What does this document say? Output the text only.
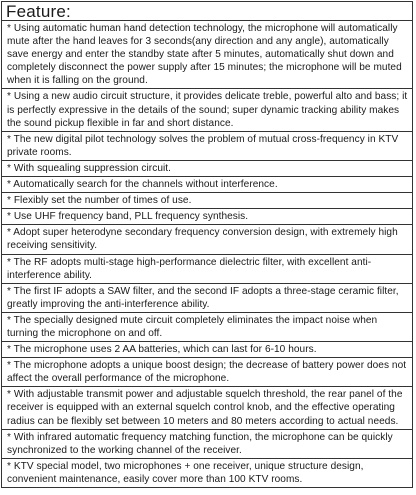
Feature:
* Using automatic human hand detection technology, the microphone will automatically mute after the hand leaves for 3 seconds(any direction and any angle), automatically save energy and enter the standby state after 5 minutes, automatically shut down and completely disconnect the power supply after 15 minutes; the microphone will be muted when it is falling on the ground.
* Using a new audio circuit structure, it provides delicate treble, powerful alto and bass; it is perfectly expressive in the details of the sound; super dynamic tracking ability makes the sound pickup flexible in far and short distance.
* The new digital pilot technology solves the problem of mutual cross-frequency in KTV private rooms.
* With squealing suppression circuit.
* Automatically search for the channels without interference.
* Flexibly set the number of times of use.
* Use UHF frequency band, PLL frequency synthesis.
* Adopt super heterodyne secondary frequency conversion design, with extremely high receiving sensitivity.
* The RF adopts multi-stage high-performance dielectric filter, with excellent anti-interference ability.
* The first IF adopts a SAW filter, and the second IF adopts a three-stage ceramic filter, greatly improving the anti-interference ability.
* The specially designed mute circuit completely eliminates the impact noise when turning the microphone on and off.
* The microphone uses 2 AA batteries, which can last for 6-10 hours.
* The microphone adopts a unique boost design; the decrease of battery power does not affect the overall performance of the microphone.
* With adjustable transmit power and adjustable squelch threshold, the rear panel of the receiver is equipped with an external squelch control knob, and the effective operating radius can be flexibly set between 10 meters and 80 meters according to actual needs.
* With infrared automatic frequency matching function, the microphone can be quickly synchronized to the working channel of the receiver.
* KTV special model, two microphones + one receiver, unique structure design, convenient maintenance, easily cover more than 100 KTV rooms.
